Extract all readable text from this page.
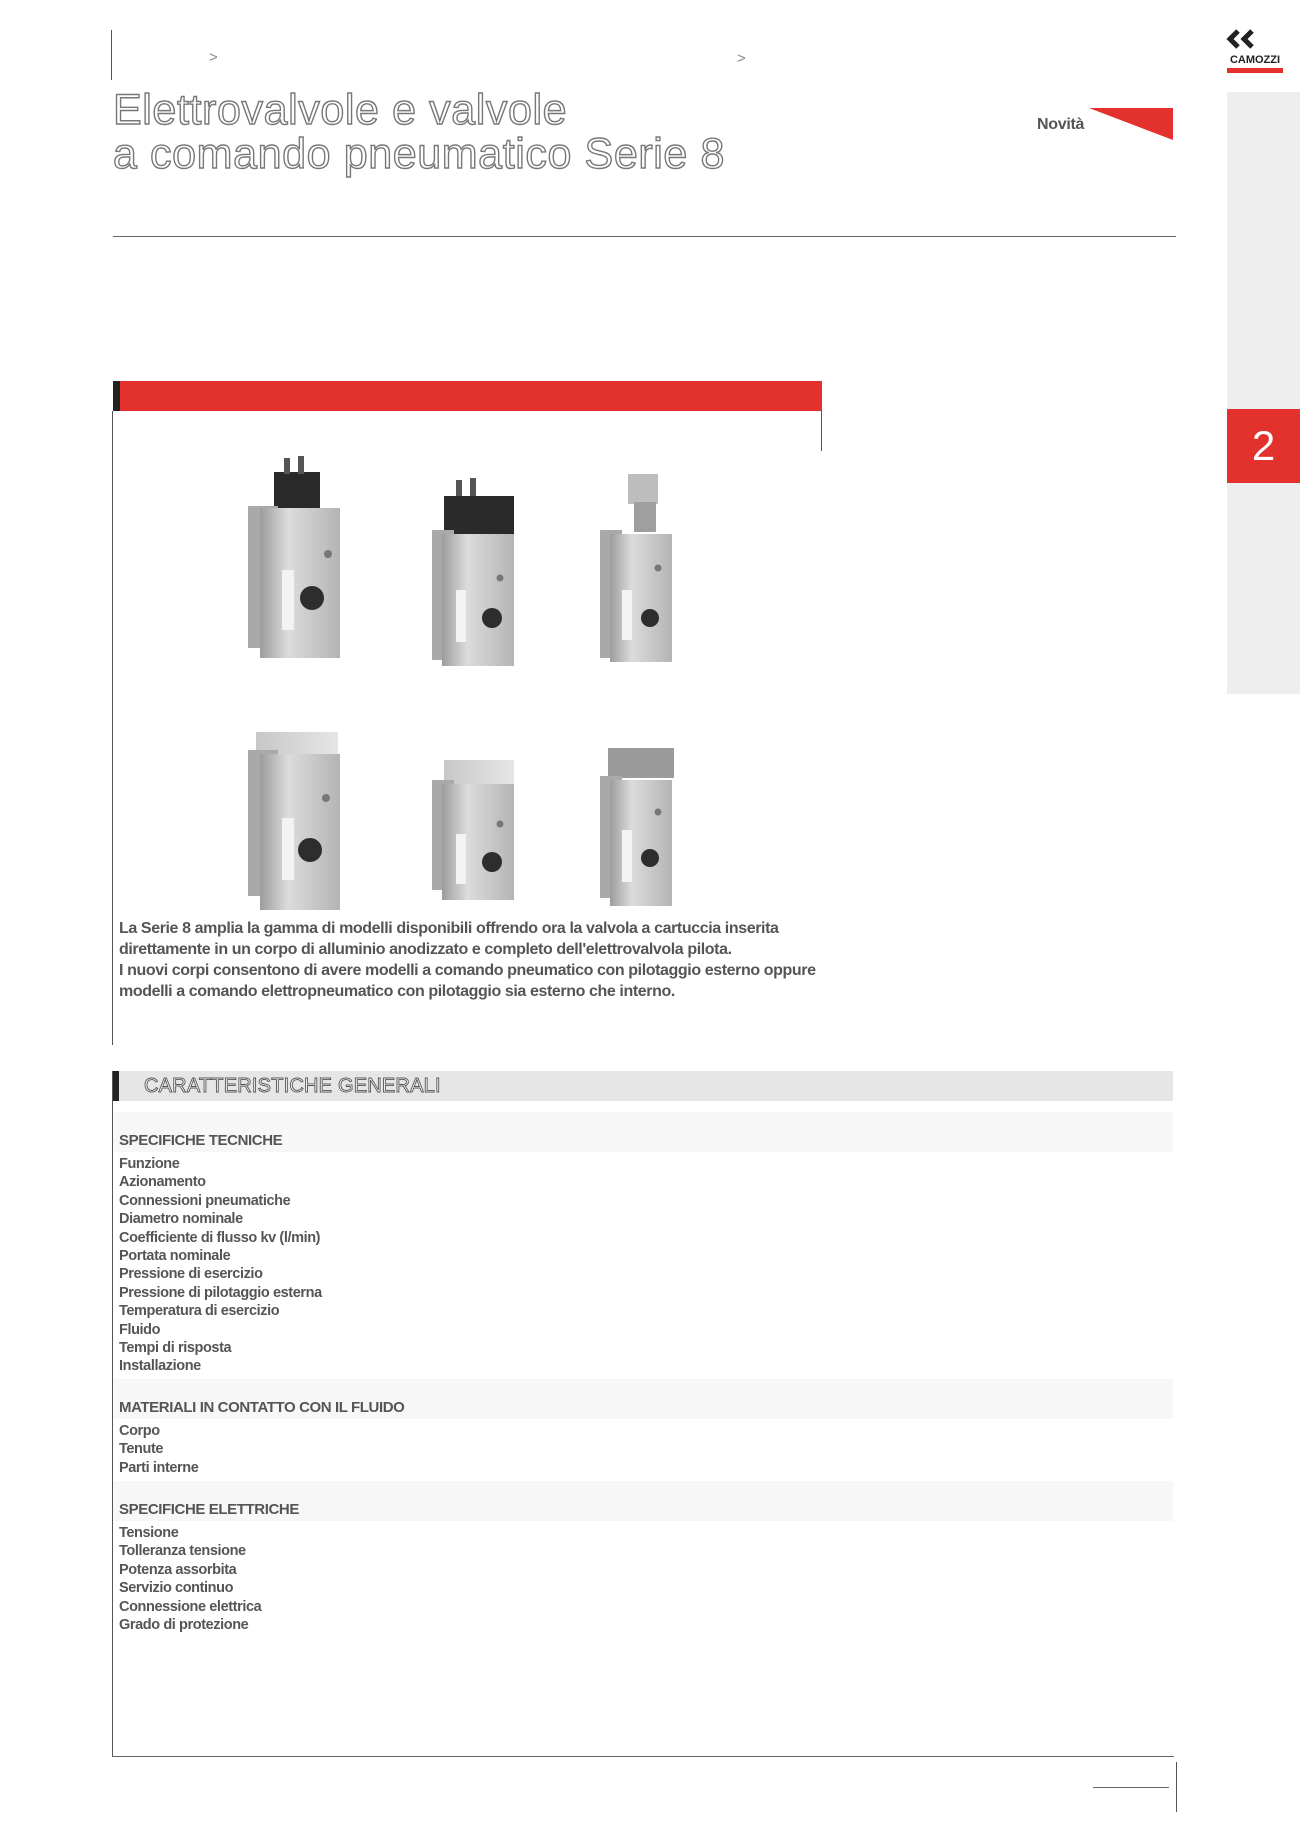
>	>
Elettrovalvole e valvole
a comando pneumatico Serie 8
Novità
CAMOZZI
2

La Serie 8 amplia la gamma di modelli disponibili offrendo ora la valvola a cartuccia inserita direttamente in un corpo di alluminio anodizzato e completo dell'elettrovalvola pilota.

I nuovi corpi consentono di avere modelli a comando pneumatico con pilotaggio esterno oppure modelli a comando elettropneumatico con pilotaggio sia esterno che interno.

CARATTERISTICHE GENERALI
SPECIFICHE TECNICHE
Funzione
Azionamento
Connessioni pneumatiche
Diametro nominale
Coefficiente di flusso kv (l/min)
Portata nominale
Pressione di esercizio
Pressione di pilotaggio esterna
Temperatura di esercizio
Fluido
Tempi di risposta
Installazione
MATERIALI IN CONTATTO CON IL FLUIDO
Corpo
Tenute
Parti interne
SPECIFICHE ELETTRICHE
Tensione
Tolleranza tensione
Potenza assorbita
Servizio continuo
Connessione elettrica
Grado di protezione
